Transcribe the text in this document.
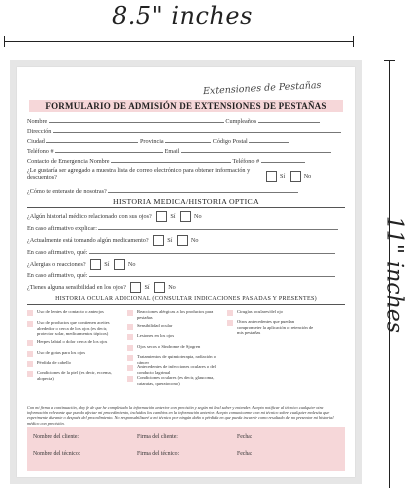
8.5" inches
11" inches
Extensiones de Pestañas
FORMULARIO DE ADMISIÓN DE EXTENSIONES DE PESTAÑAS
Nombre	Cumpleaños
Dirección
Ciudad	Provincia	Código Postal
Teléfono #	Email
Contacto de Emergencia Nombre	Teléfono #
¿Le gustaría ser agregado a muestra lista de correo electrónico para obtener información y descuentos?	Sí	No
¿Cómo te enteraste de nosotras?
HISTORIA MEDICA/HISTORIA OPTICA
¿Algún historial médico relacionado con sus ojos?	Sí	No
En caso afirmativo explicar:
¿Actualmente está tomando algún medicamento?	Sí	No
En caso afirmativo, qué:
¿Alergias o reacciones?	Sí	No
En caso afirmativo, qué:
¿Tienes alguna sensibilidad en los ojos?	Sí	No
HISTORIA OCULAR ADICIONAL (CONSULTAR INDICACIONES PASADAS Y PRESENTES)
Uso de lentes de contacto o anteojos
Uso de productos que contienen aceites alrededor o cerca de los ojos (es decir, protector solar, medicamentos tópicos)
Herpes labial o dolor cerca de los ojos
Uso de gotas para los ojos
Pérdida de cabello
Condiciones de la piel (es decir, eccema, alopecia)
Reacciones alérgicas a los productos para pestañas
Sensibilidad ocular
Lesiones en los ojos
Ojos secos o Síndrome de Sjogren
Tratamientos de quimioterapia, radiación o cáncer
Antecedentes de infecciones oculares o del conducto lagrimal
Condiciones oculares (es decir, glaucoma, cataratas, queratocono)
Cirugías oculares/del ojo
Otros antecedentes que puedan comprometer la aplicación o retención de mis pestañas
Con mi firma a continuación, doy fe de que he completado la información anterior con precisión y según mi leal saber y entender. Acepto notificar al técnico cualquier otra información relevante que pueda afectar mi procedimiento, incluidos los cambios en la información anterior. Acepto comunicarme con mi técnico sobre cualquier molestia que experimente durante o después del procedimiento. No responsabilizaré a mi técnico por ningún daño o pérdida en que pueda incurrir como resultado de no presentar mi historial médico con precisión.
Nombre del cliente:	Firma del cliente:	Fecha:
Nombre del técnico:	Firma del técnico:	Fecha:
